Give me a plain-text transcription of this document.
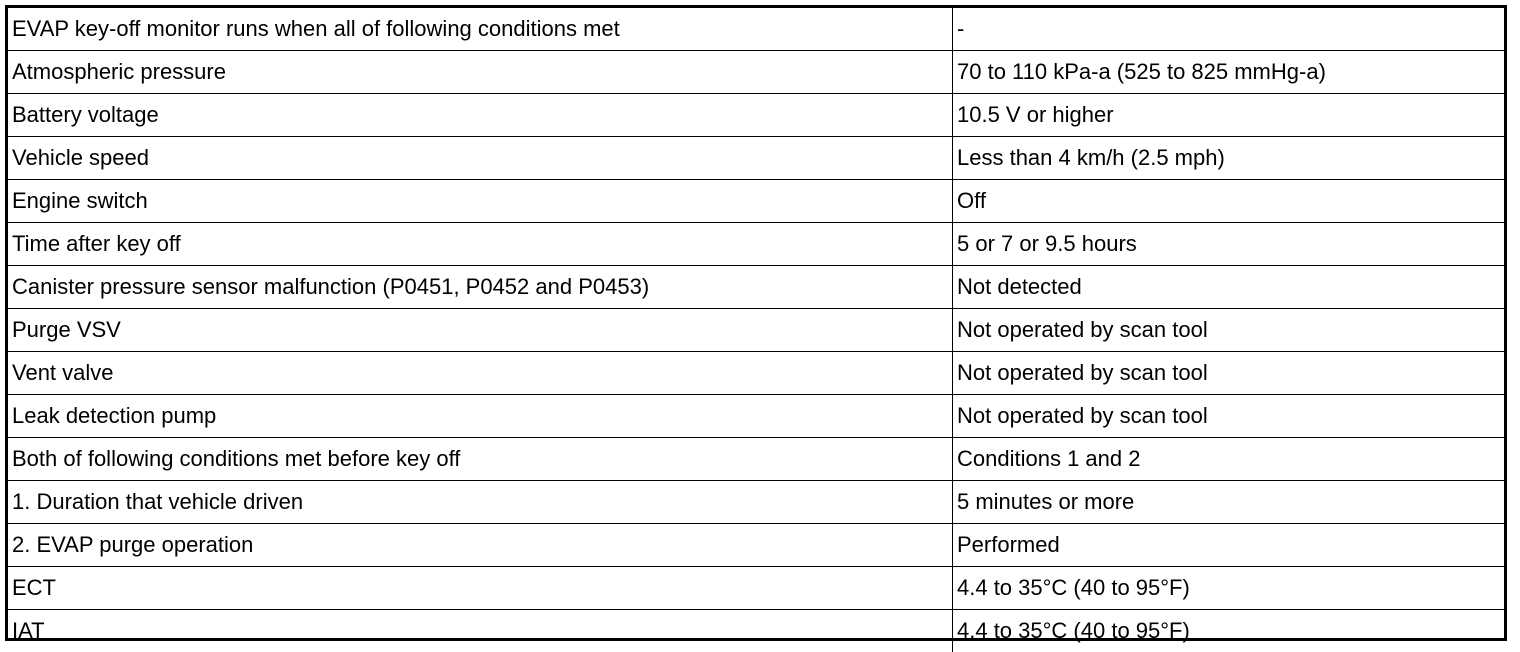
EVAP key-off monitor runs when all of following conditions met	-
Atmospheric pressure	70 to 110 kPa-a (525 to 825 mmHg-a)
Battery voltage	10.5 V or higher
Vehicle speed	Less than 4 km/h (2.5 mph)
Engine switch	Off
Time after key off	5 or 7 or 9.5 hours
Canister pressure sensor malfunction (P0451, P0452 and P0453)	Not detected
Purge VSV	Not operated by scan tool
Vent valve	Not operated by scan tool
Leak detection pump	Not operated by scan tool
Both of following conditions met before key off	Conditions 1 and 2
1. Duration that vehicle driven	5 minutes or more
2. EVAP purge operation	Performed
ECT	4.4 to 35°C (40 to 95°F)
IAT	4.4 to 35°C (40 to 95°F)
